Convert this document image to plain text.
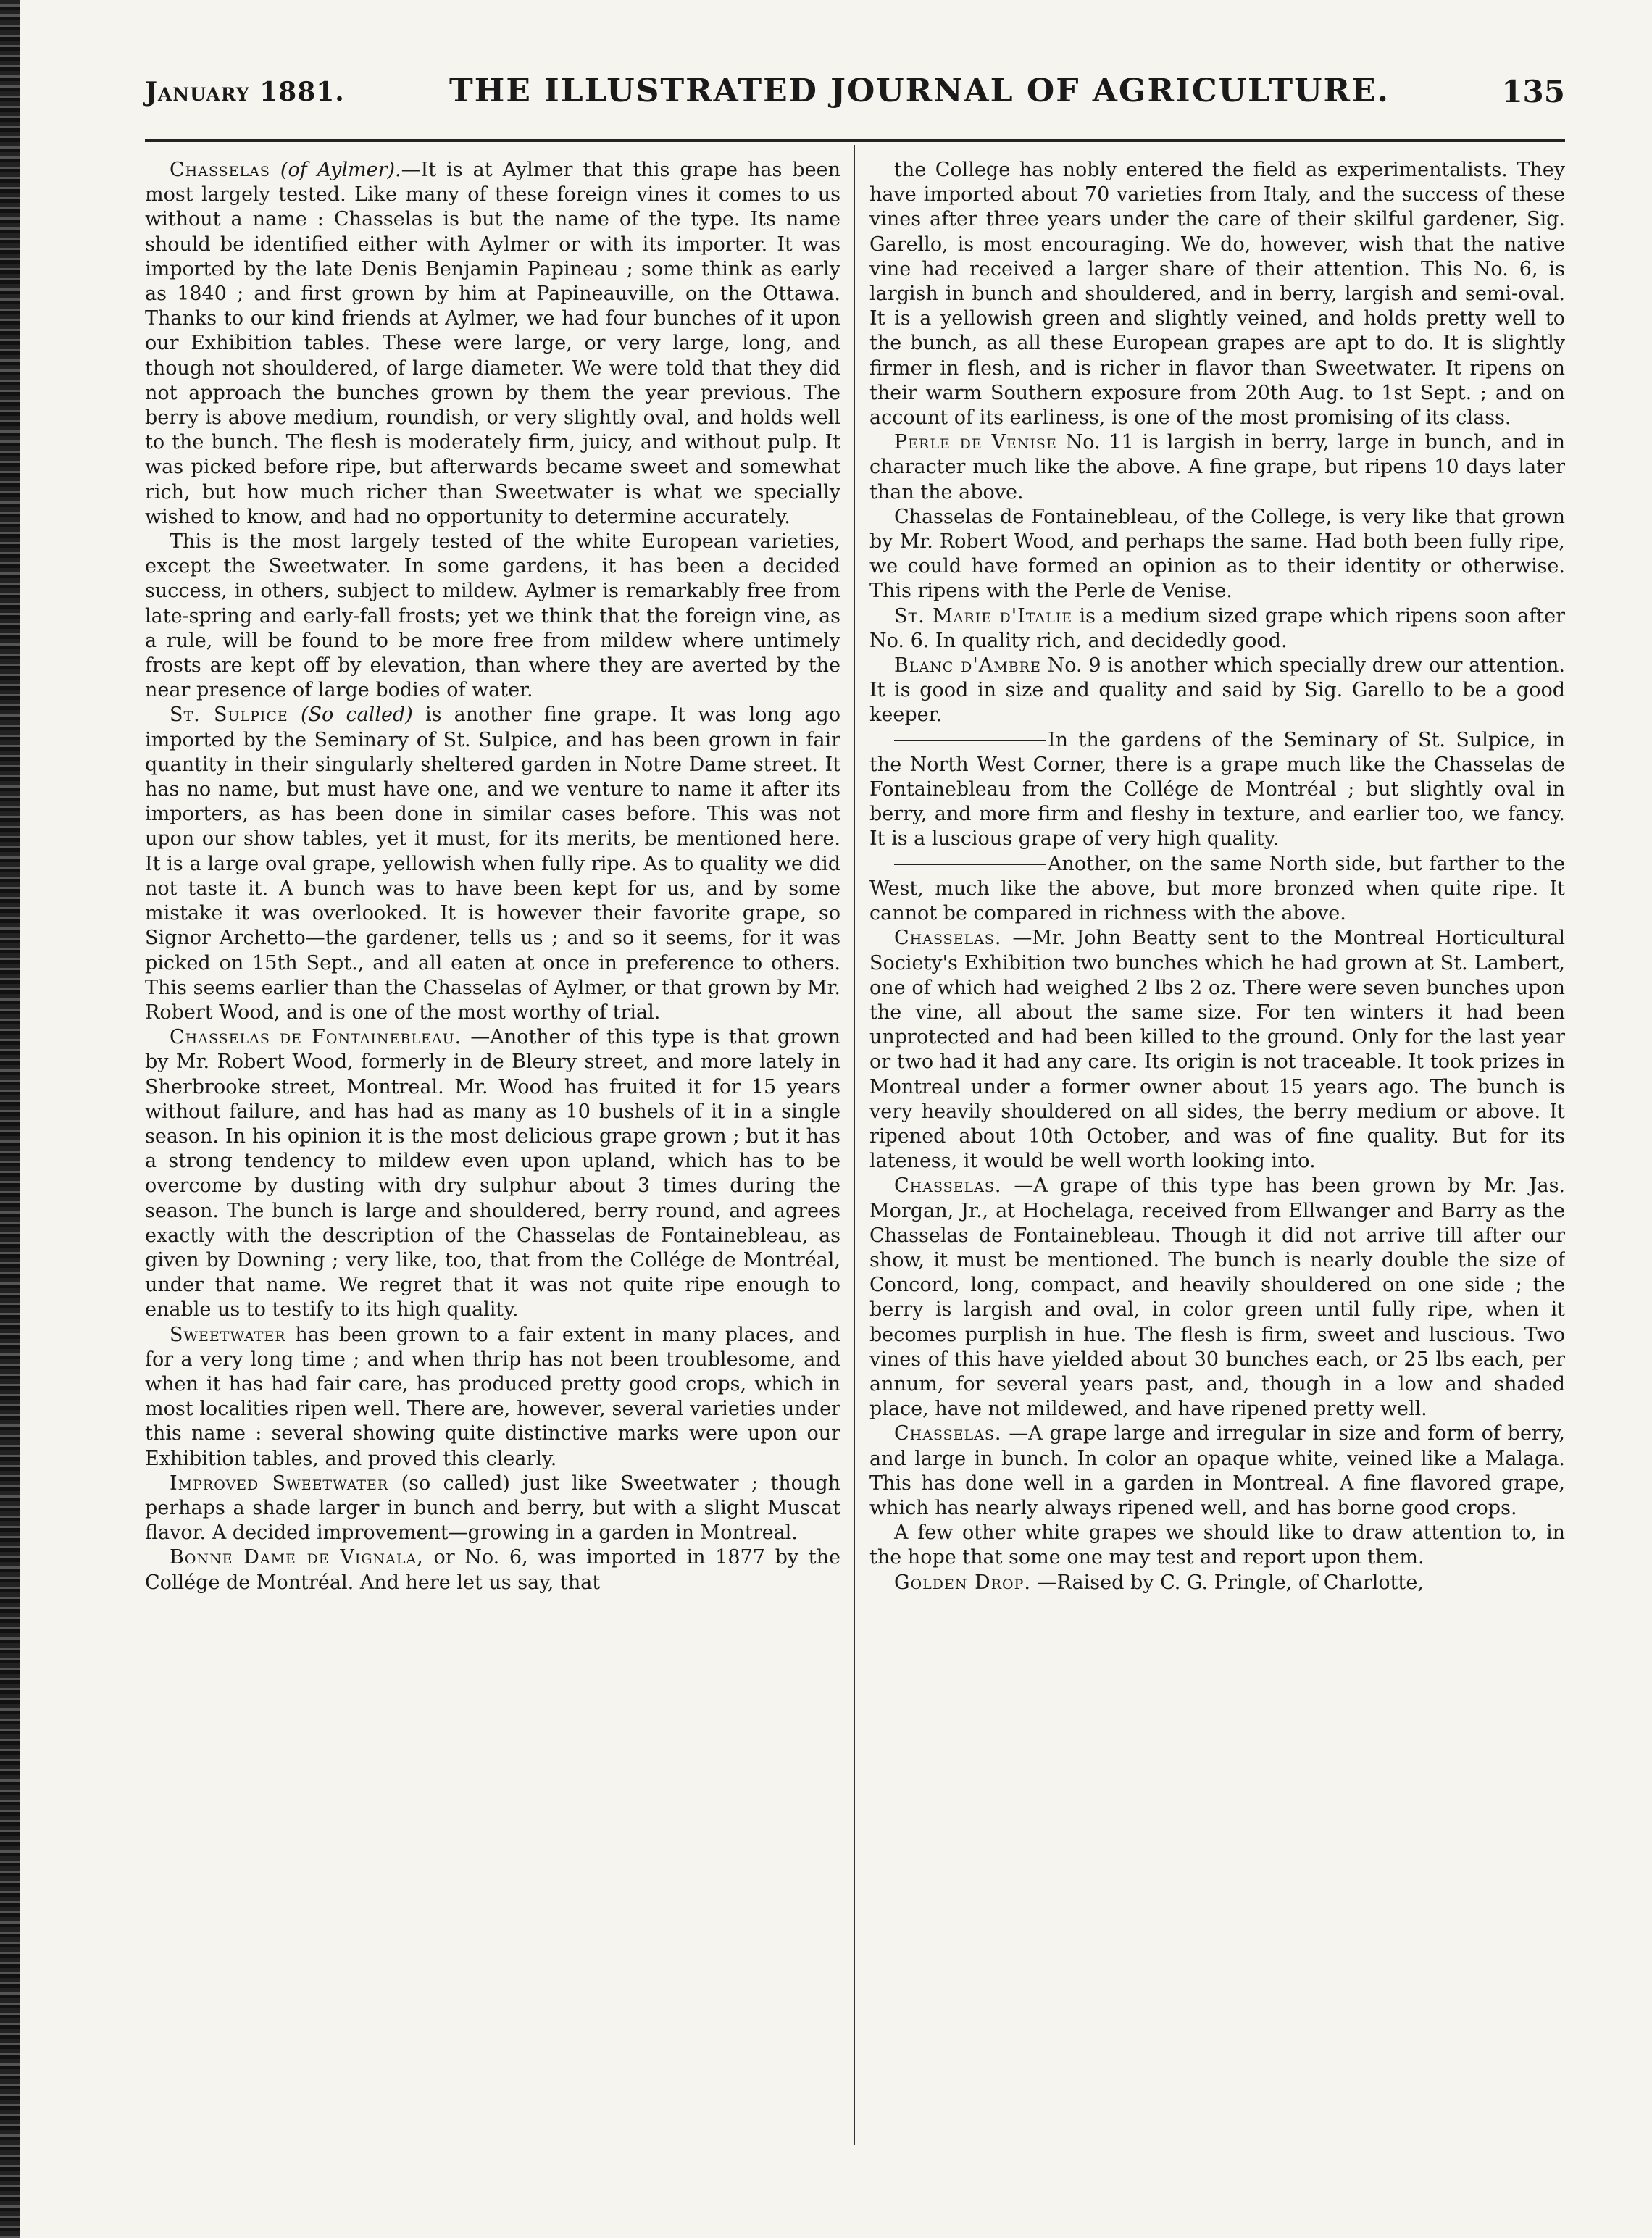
January 1881.	THE ILLUSTRATED JOURNAL OF AGRICULTURE.	135

Chasselas (of Aylmer).—It is at Aylmer that this grape has been most largely tested. Like many of these foreign vines it comes to us without a name : Chasselas is but the name of the type. Its name should be identified either with Aylmer or with its importer. It was imported by the late Denis Benjamin Papineau ; some think as early as 1840 ; and first grown by him at Papineauville, on the Ottawa. Thanks to our kind friends at Aylmer, we had four bunches of it upon our Exhibition tables. These were large, or very large, long, and though not shouldered, of large diameter. We were told that they did not approach the bunches grown by them the year previous. The berry is above medium, roundish, or very slightly oval, and holds well to the bunch. The flesh is moderately firm, juicy, and without pulp. It was picked before ripe, but afterwards became sweet and somewhat rich, but how much richer than Sweetwater is what we specially wished to know, and had no opportunity to determine accurately.

This is the most largely tested of the white European varieties, except the Sweetwater. In some gardens, it has been a decided success, in others, subject to mildew. Aylmer is remarkably free from late-spring and early-fall frosts; yet we think that the foreign vine, as a rule, will be found to be more free from mildew where untimely frosts are kept off by elevation, than where they are averted by the near presence of large bodies of water.

St. Sulpice (So called) is another fine grape. It was long ago imported by the Seminary of St. Sulpice, and has been grown in fair quantity in their singularly sheltered garden in Notre Dame street. It has no name, but must have one, and we venture to name it after its importers, as has been done in similar cases before. This was not upon our show tables, yet it must, for its merits, be mentioned here. It is a large oval grape, yellowish when fully ripe. As to quality we did not taste it. A bunch was to have been kept for us, and by some mistake it was overlooked. It is however their favorite grape, so Signor Archetto—the gardener, tells us ; and so it seems, for it was picked on 15th Sept., and all eaten at once in preference to others. This seems earlier than the Chasselas of Aylmer, or that grown by Mr. Robert Wood, and is one of the most worthy of trial.

Chasselas de Fontainebleau. —Another of this type is that grown by Mr. Robert Wood, formerly in de Bleury street, and more lately in Sherbrooke street, Montreal. Mr. Wood has fruited it for 15 years without failure, and has had as many as 10 bushels of it in a single season. In his opinion it is the most delicious grape grown ; but it has a strong tendency to mildew even upon upland, which has to be overcome by dusting with dry sulphur about 3 times during the season. The bunch is large and shouldered, berry round, and agrees exactly with the description of the Chasselas de Fontainebleau, as given by Downing ; very like, too, that from the Collége de Montréal, under that name. We regret that it was not quite ripe enough to enable us to testify to its high quality.

Sweetwater has been grown to a fair extent in many places, and for a very long time ; and when thrip has not been troublesome, and when it has had fair care, has produced pretty good crops, which in most localities ripen well. There are, however, several varieties under this name : several showing quite distinctive marks were upon our Exhibition tables, and proved this clearly.

Improved Sweetwater (so called) just like Sweetwater ; though perhaps a shade larger in bunch and berry, but with a slight Muscat flavor. A decided improvement—growing in a garden in Montreal.

Bonne Dame de Vignala, or No. 6, was imported in 1877 by the Collége de Montréal. And here let us say, that

the College has nobly entered the field as experimentalists. They have imported about 70 varieties from Italy, and the success of these vines after three years under the care of their skilful gardener, Sig. Garello, is most encouraging. We do, however, wish that the native vine had received a larger share of their attention. This No. 6, is largish in bunch and shouldered, and in berry, largish and semi-oval. It is a yellowish green and slightly veined, and holds pretty well to the bunch, as all these European grapes are apt to do. It is slightly firmer in flesh, and is richer in flavor than Sweetwater. It ripens on their warm Southern exposure from 20th Aug. to 1st Sept. ; and on account of its earliness, is one of the most promising of its class.

Perle de Venise No. 11 is largish in berry, large in bunch, and in character much like the above. A fine grape, but ripens 10 days later than the above.

Chasselas de Fontainebleau, of the College, is very like that grown by Mr. Robert Wood, and perhaps the same. Had both been fully ripe, we could have formed an opinion as to their identity or otherwise. This ripens with the Perle de Venise.

St. Marie d'Italie is a medium sized grape which ripens soon after No. 6. In quality rich, and decidedly good.

Blanc d'Ambre No. 9 is another which specially drew our attention. It is good in size and quality and said by Sig. Garello to be a good keeper.

In the gardens of the Seminary of St. Sulpice, in the North West Corner, there is a grape much like the Chasselas de Fontainebleau from the Collége de Montréal ; but slightly oval in berry, and more firm and fleshy in texture, and earlier too, we fancy. It is a luscious grape of very high quality.

Another, on the same North side, but farther to the West, much like the above, but more bronzed when quite ripe. It cannot be compared in richness with the above.

Chasselas. —Mr. John Beatty sent to the Montreal Horticultural Society's Exhibition two bunches which he had grown at St. Lambert, one of which had weighed 2 lbs 2 oz. There were seven bunches upon the vine, all about the same size. For ten winters it had been unprotected and had been killed to the ground. Only for the last year or two had it had any care. Its origin is not traceable. It took prizes in Montreal under a former owner about 15 years ago. The bunch is very heavily shouldered on all sides, the berry medium or above. It ripened about 10th October, and was of fine quality. But for its lateness, it would be well worth looking into.

Chasselas. —A grape of this type has been grown by Mr. Jas. Morgan, Jr., at Hochelaga, received from Ellwanger and Barry as the Chasselas de Fontainebleau. Though it did not arrive till after our show, it must be mentioned. The bunch is nearly double the size of Concord, long, compact, and heavily shouldered on one side ; the berry is largish and oval, in color green until fully ripe, when it becomes purplish in hue. The flesh is firm, sweet and luscious. Two vines of this have yielded about 30 bunches each, or 25 lbs each, per annum, for several years past, and, though in a low and shaded place, have not mildewed, and have ripened pretty well.

Chasselas. —A grape large and irregular in size and form of berry, and large in bunch. In color an opaque white, veined like a Malaga. This has done well in a garden in Montreal. A fine flavored grape, which has nearly always ripened well, and has borne good crops.

A few other white grapes we should like to draw attention to, in the hope that some one may test and report upon them.

Golden Drop. —Raised by C. G. Pringle, of Charlotte,
